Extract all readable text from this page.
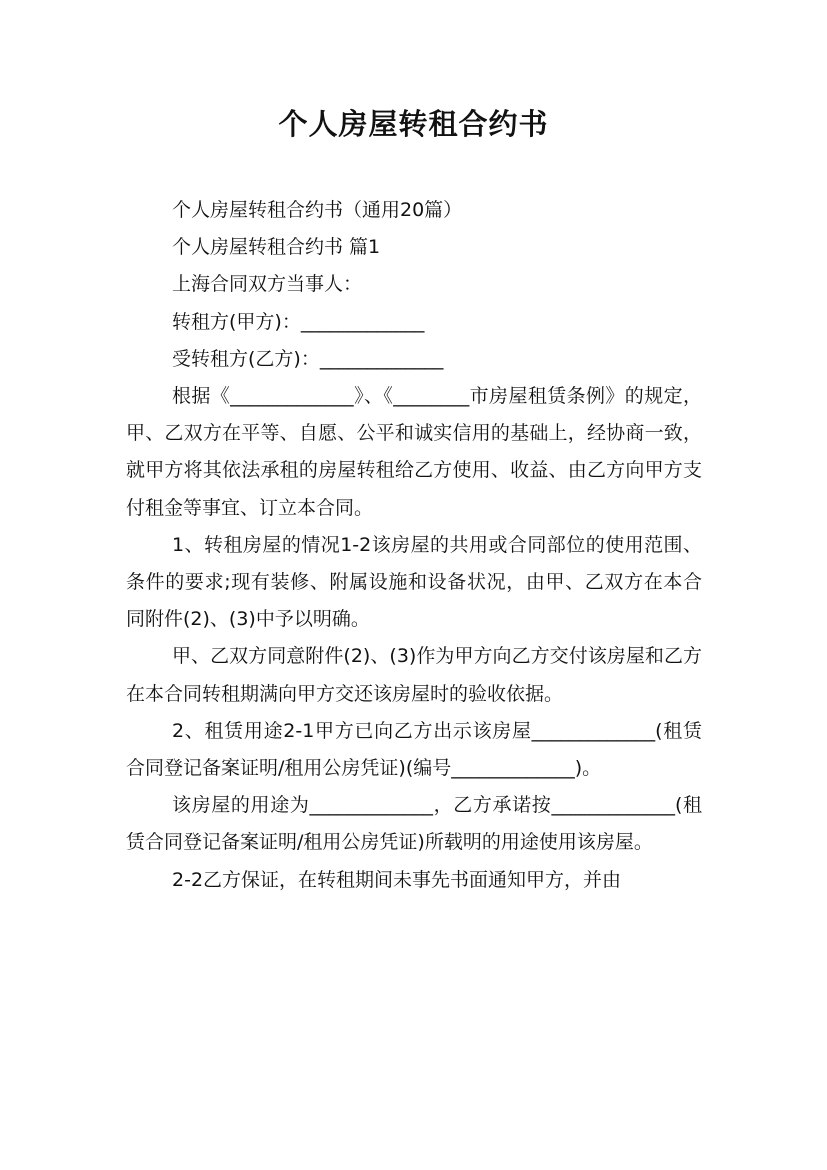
个人房屋转租合约书

个人房屋转租合约书（通用20篇）

个人房屋转租合约书 篇1

上海合同双方当事人：

转租方(甲方)：_____________

受转租方(乙方)：_____________

根据《_____________》、《________市房屋租赁条例》的规定，甲、乙双方在平等、自愿、公平和诚实信用的基础上，经协商一致，就甲方将其依法承租的房屋转租给乙方使用、收益、由乙方向甲方支付租金等事宜、订立本合同。

1、转租房屋的情况1-2该房屋的共用或合同部位的使用范围、条件的要求;现有装修、附属设施和设备状况，由甲、乙双方在本合同附件(2)、(3)中予以明确。

甲、乙双方同意附件(2)、(3)作为甲方向乙方交付该房屋和乙方在本合同转租期满向甲方交还该房屋时的验收依据。

2、租赁用途2-1甲方已向乙方出示该房屋_____________(租赁合同登记备案证明/租用公房凭证)(编号_____________)。

该房屋的用途为_____________，乙方承诺按_____________(租赁合同登记备案证明/租用公房凭证)所载明的用途使用该房屋。

2-2乙方保证，在转租期间未事先书面通知甲方，并由
